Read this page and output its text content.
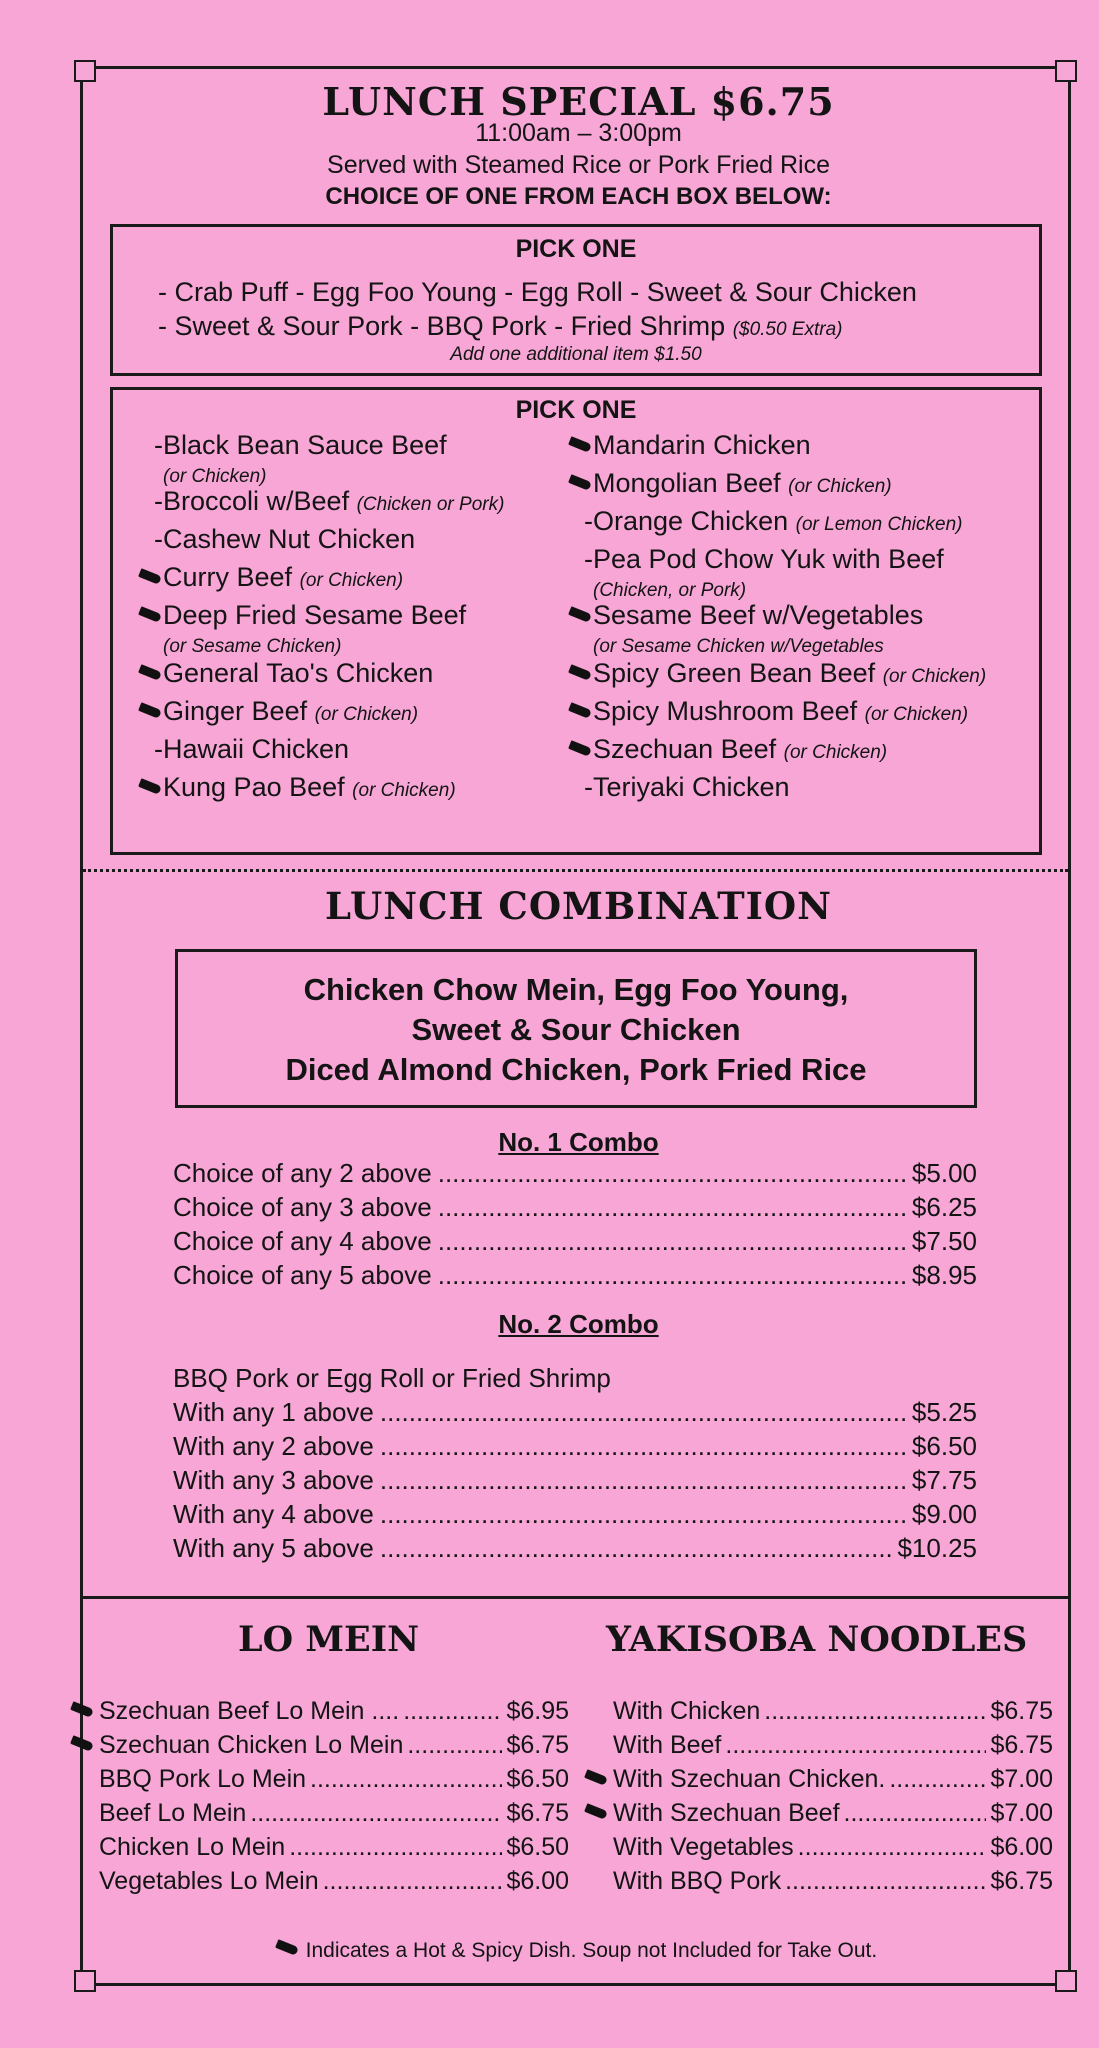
LUNCH SPECIAL $6.75
11:00am – 3:00pm
Served with Steamed Rice or Pork Fried Rice
CHOICE OF ONE FROM EACH BOX BELOW:
PICK ONE
- Crab Puff - Egg Foo Young - Egg Roll - Sweet & Sour Chicken
- Sweet & Sour Pork - BBQ Pork - Fried Shrimp ($0.50 Extra)
Add one additional item $1.50
PICK ONE
-Black Bean Sauce Beef
(or Chicken)
-Broccoli w/Beef (Chicken or Pork)
-Cashew Nut Chicken
Curry Beef (or Chicken)
Deep Fried Sesame Beef
(or Sesame Chicken)
General Tao's Chicken
Ginger Beef (or Chicken)
-Hawaii Chicken
Kung Pao Beef (or Chicken)
Mandarin Chicken
Mongolian Beef (or Chicken)
-Orange Chicken (or Lemon Chicken)
-Pea Pod Chow Yuk with Beef
(Chicken, or Pork)
Sesame Beef w/Vegetables
(or Sesame Chicken w/Vegetables
Spicy Green Bean Beef (or Chicken)
Spicy Mushroom Beef (or Chicken)
Szechuan Beef (or Chicken)
-Teriyaki Chicken
LUNCH COMBINATION
Chicken Chow Mein, Egg Foo Young,
Sweet & Sour Chicken
Diced Almond Chicken, Pork Fried Rice
No. 1 Combo
Choice of any 2 above .....	$5.00
Choice of any 3 above .....	$6.25
Choice of any 4 above .....	$7.50
Choice of any 5 above .....	$8.95
No. 2 Combo
BBQ Pork or Egg Roll or Fried Shrimp
With any 1 above .....	$5.25
With any 2 above .....	$6.50
With any 3 above .....	$7.75
With any 4 above .....	$9.00
With any 5 above .....	$10.25
LO MEIN	YAKISOBA NOODLES
Szechuan Beef Lo Mein .... .....	$6.95
Szechuan Chicken Lo Mein .....	$6.75
BBQ Pork Lo Mein .....	$6.50
Beef Lo Mein .....	$6.75
Chicken Lo Mein .....	$6.50
Vegetables Lo Mein .....	$6.00
With Chicken .....	$6.75
With Beef .....	$6.75
With Szechuan Chicken. .....	$7.00
With Szechuan Beef .....	$7.00
With Vegetables .....	$6.00
With BBQ Pork .....	$6.75
Indicates a Hot & Spicy Dish. Soup not Included for Take Out.
